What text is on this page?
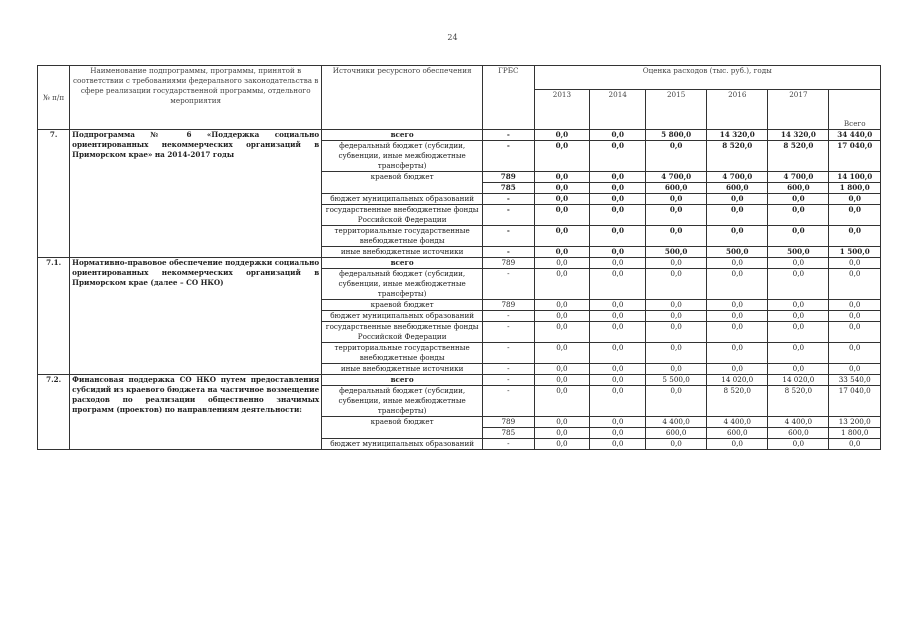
24
№ п/п	Наименование подпрограммы, программы, принятой в соответствии с требованиями федерального законодательства в сфере реализации государственной программы, отдельного мероприятия	Источники ресурсного обеспечения	ГРБС	Оценка расходов (тыс. руб.), годы					
				2013	2014	2015	2016	2017	Всего
7.	Подпрограмма № 6 «Поддержка социально ориентированных некоммерческих организаций в Приморском крае» на 2014-2017 годы	всего	-	0,0	0,0	5 800,0	14 320,0	14 320,0	34 440,0
		федеральный бюджет (субсидии, субвенции, иные межбюджетные трансферты)	-	0,0	0,0	0,0	8 520,0	8 520,0	17 040,0
		краевой бюджет	789	0,0	0,0	4 700,0	4 700,0	4 700,0	14 100,0
			785	0,0	0,0	600,0	600,0	600,0	1 800,0
		бюджет муниципальных образований	-	0,0	0,0	0,0	0,0	0,0	0,0
		государственные внебюджетные фонды Российской Федерации	-	0,0	0,0	0,0	0,0	0,0	0,0
		территориальные государственные внебюджетные фонды	-	0,0	0,0	0,0	0,0	0,0	0,0
		иные внебюджетные источники	-	0,0	0,0	500,0	500,0	500,0	1 500,0
7.1.	Нормативно-правовое обеспечение поддержки социально ориентированных некоммерческих организаций в Приморском крае (далее – СО НКО)	всего	789	0,0	0,0	0,0	0,0	0,0	0,0
		федеральный бюджет (субсидии, субвенции, иные межбюджетные трансферты)	-	0,0	0,0	0,0	0,0	0,0	0,0
		краевой бюджет	789	0,0	0,0	0,0	0,0	0,0	0,0
		бюджет муниципальных образований	-	0,0	0,0	0,0	0,0	0,0	0,0
		государственные внебюджетные фонды Российской Федерации	-	0,0	0,0	0,0	0,0	0,0	0,0
		территориальные государственные внебюджетные фонды	-	0,0	0,0	0,0	0,0	0,0	0,0
		иные внебюджетные источники	-	0,0	0,0	0,0	0,0	0,0	0,0
7.2.	Финансовая поддержка СО НКО путем предоставления субсидий из краевого бюджета на частичное возмещение расходов по реализации общественно значимых программ (проектов) по направлениям деятельности:	всего	-	0,0	0,0	5 500,0	14 020,0	14 020,0	33 540,0
		федеральный бюджет (субсидии, субвенции, иные межбюджетные трансферты)	-	0,0	0,0	0,0	8 520,0	8 520,0	17 040,0
		краевой бюджет	789	0,0	0,0	4 400,0	4 400,0	4 400,0	13 200,0
			785	0,0	0,0	600,0	600,0	600,0	1 800,0
		бюджет муниципальных образований	-	0,0	0,0	0,0	0,0	0,0	0,0
